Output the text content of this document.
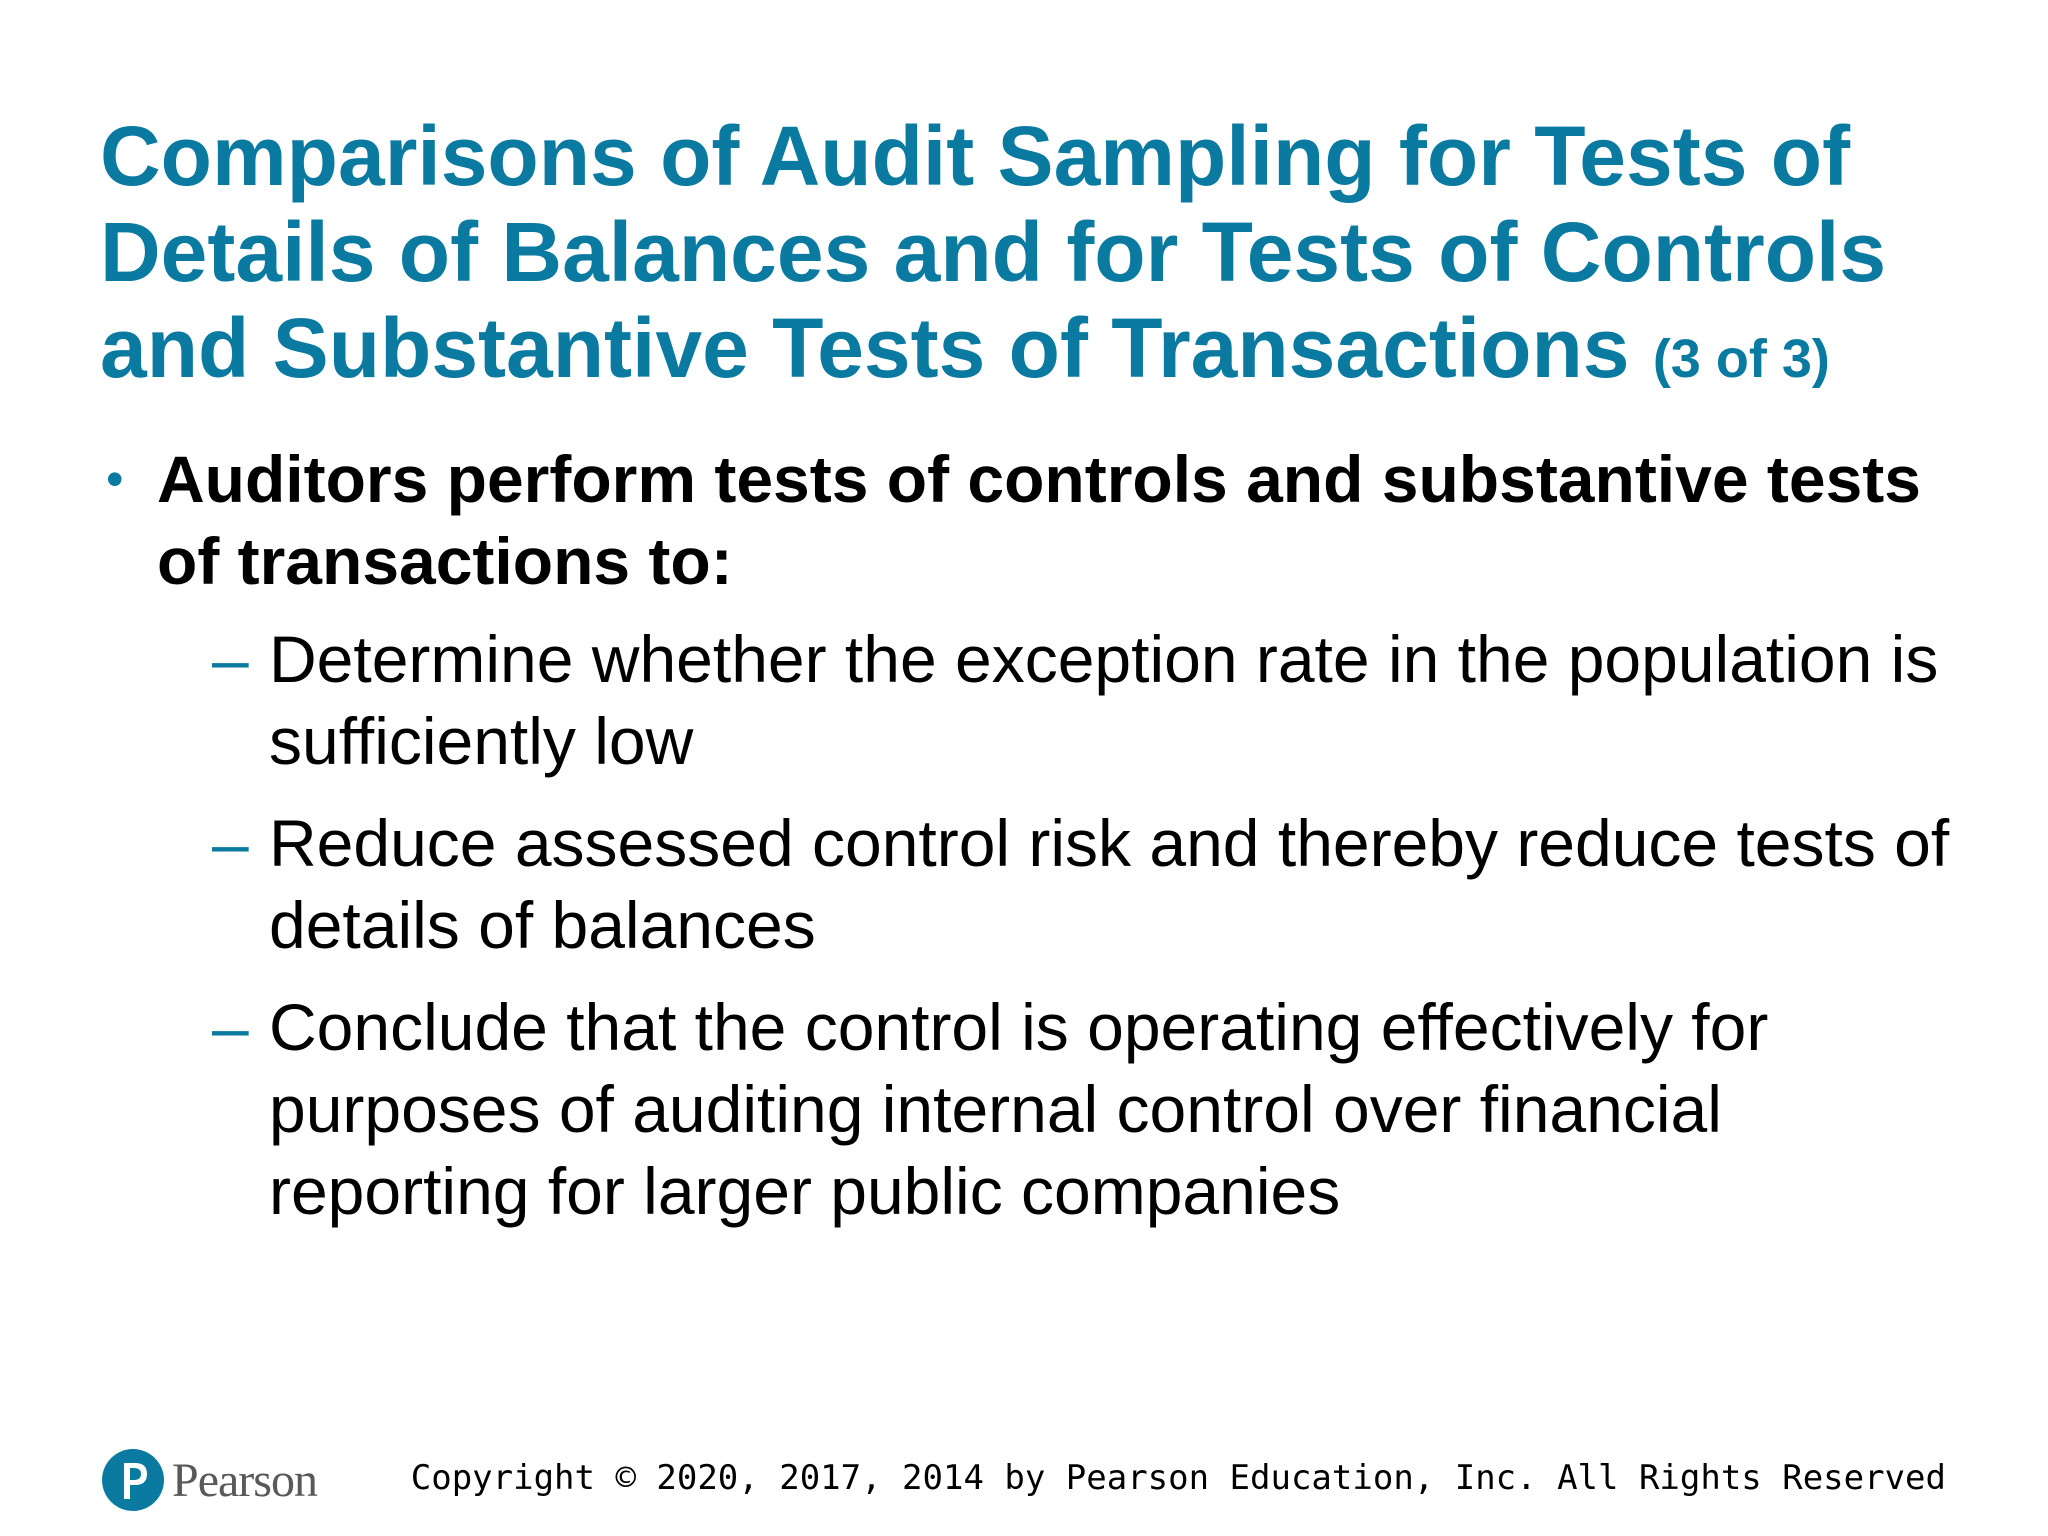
Comparisons of Audit Sampling for Tests of Details of Balances and for Tests of Controls and Substantive Tests of Transactions (3 of 3)
• Auditors perform tests of controls and substantive tests of transactions to:
– Determine whether the exception rate in the population is sufficiently low
– Reduce assessed control risk and thereby reduce tests of details of balances
– Conclude that the control is operating effectively for purposes of auditing internal control over financial reporting for larger public companies
Pearson	Copyright © 2020, 2017, 2014 by Pearson Education, Inc. All Rights Reserved
